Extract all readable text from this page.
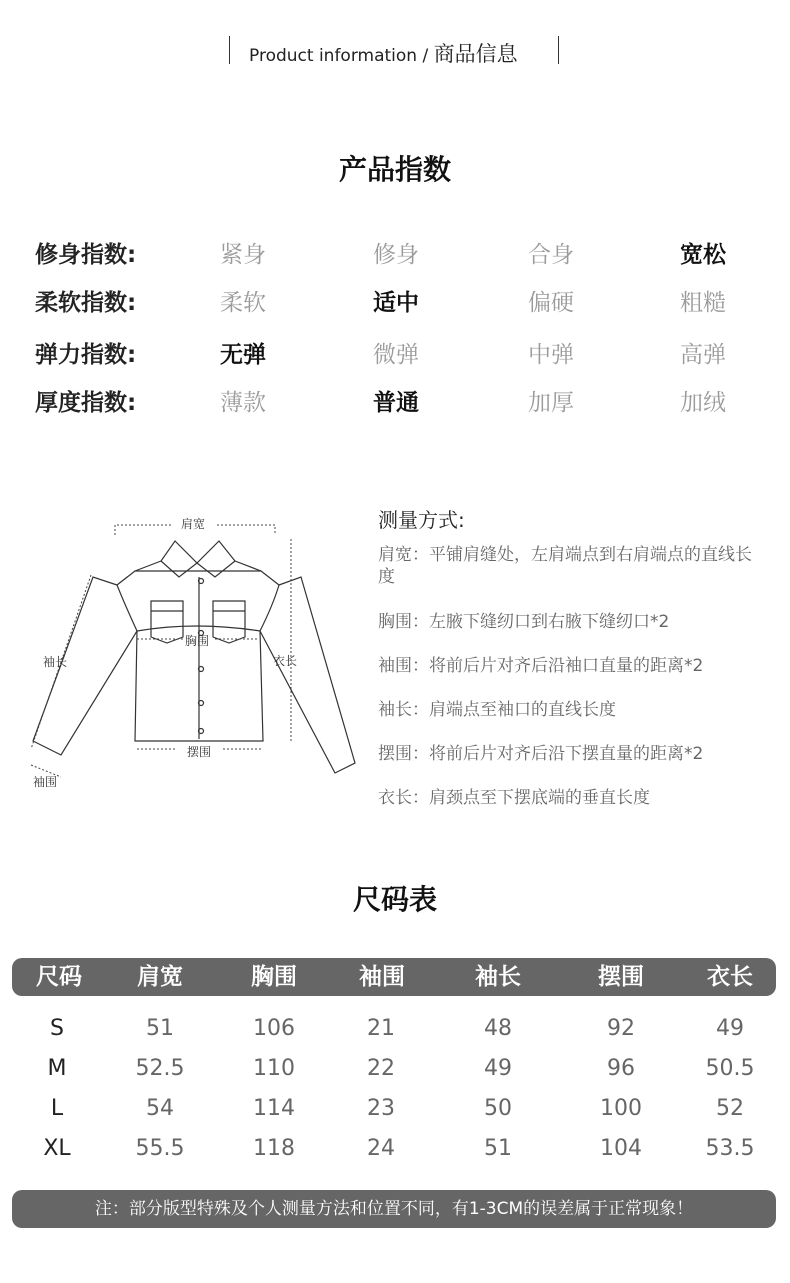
Product information / 商品信息
产品指数
修身指数:	紧身	修身	合身	宽松
柔软指数:	柔软	适中	偏硬	粗糙
弹力指数:	无弹	微弹	中弹	高弹
厚度指数:	薄款	普通	加厚	加绒
肩宽
胸围
袖长	衣长
摆围
袖围
测量方式:
肩宽：平铺肩缝处，左肩端点到右肩端点的直线长度
胸围：左腋下缝纫口到右腋下缝纫口*2
袖围：将前后片对齐后沿袖口直量的距离*2
袖长：肩端点至袖口的直线长度
摆围：将前后片对齐后沿下摆直量的距离*2
衣长：肩颈点至下摆底端的垂直长度
尺码表
尺码 肩宽	胸围	袖围	袖长	摆围	衣长
S	51	106	21	48	92	49
M	52.5	110	22	49	96	50.5
L	54	114	23	50	100	52
XL	55.5	118	24	51	104	53.5
注：部分版型特殊及个人测量方法和位置不同，有1-3CM的误差属于正常现象！
